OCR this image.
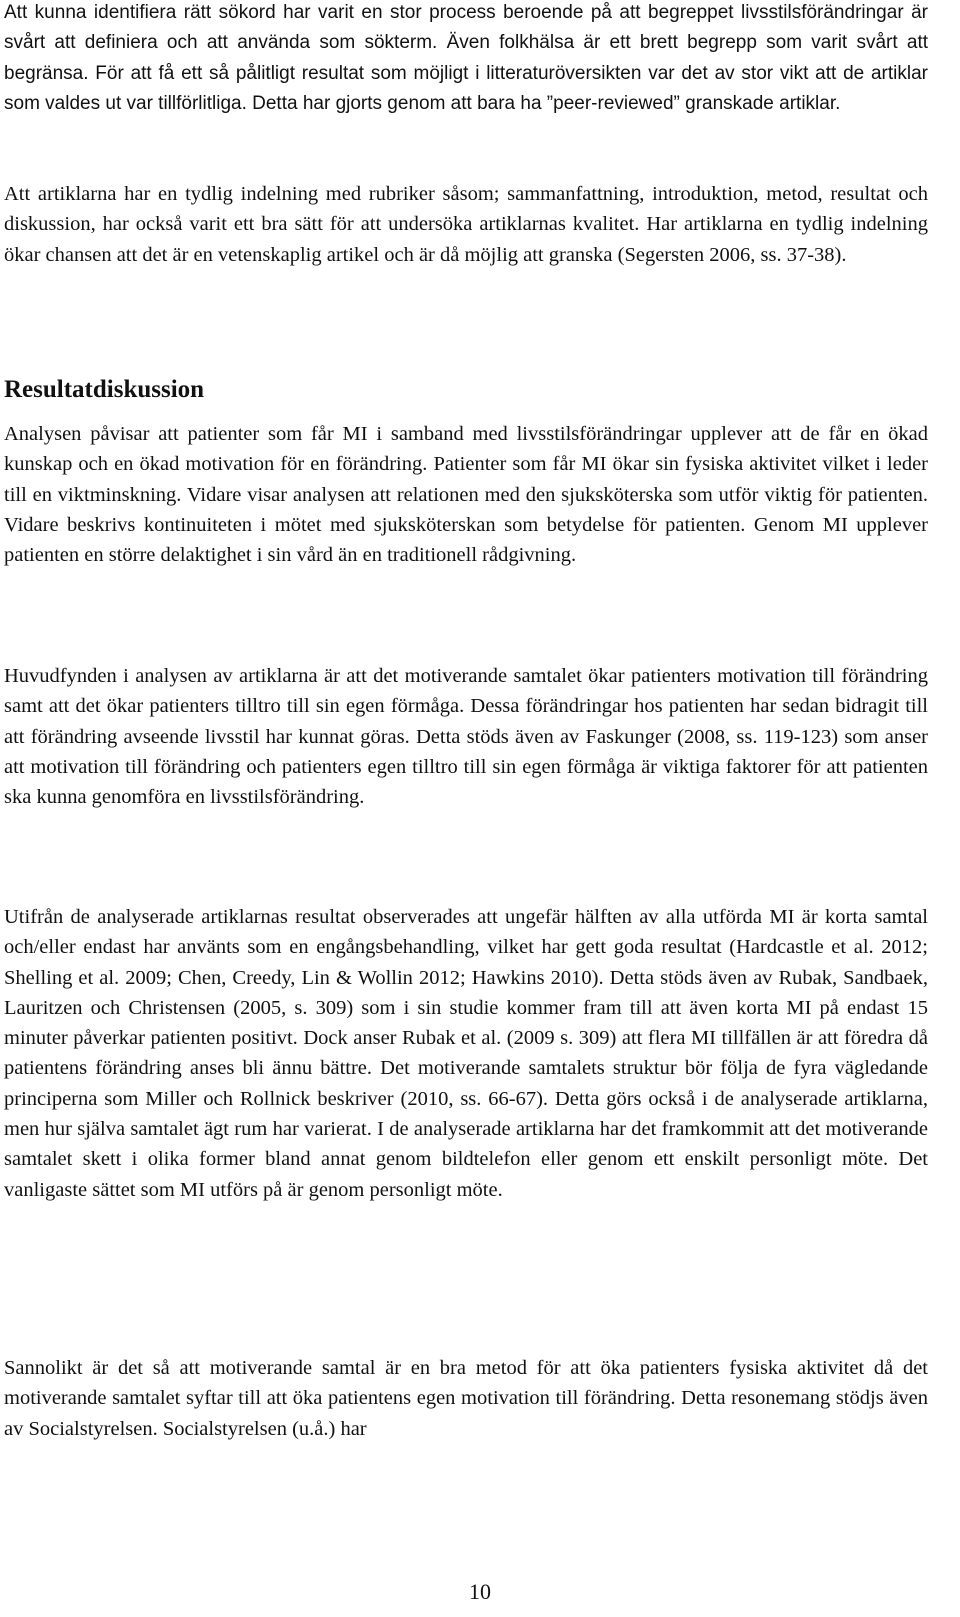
Att kunna identifiera rätt sökord har varit en stor process beroende på att begreppet livsstilsförändringar är svårt att definiera och att använda som sökterm. Även folkhälsa är ett brett begrepp som varit svårt att begränsa. För att få ett så pålitligt resultat som möjligt i litteraturöversikten var det av stor vikt att de artiklar som valdes ut var tillförlitliga. Detta har gjorts genom att bara ha ”peer-reviewed” granskade artiklar.

Att artiklarna har en tydlig indelning med rubriker såsom; sammanfattning, introduktion, metod, resultat och diskussion, har också varit ett bra sätt för att undersöka artiklarnas kvalitet. Har artiklarna en tydlig indelning ökar chansen att det är en vetenskaplig artikel och är då möjlig att granska (Segersten 2006, ss. 37-38).

Resultatdiskussion

Analysen påvisar att patienter som får MI i samband med livsstilsförändringar upplever att de får en ökad kunskap och en ökad motivation för en förändring. Patienter som får MI ökar sin fysiska aktivitet vilket i leder till en viktminskning. Vidare visar analysen att relationen med den sjuksköterska som utför viktig för patienten. Vidare beskrivs kontinuiteten i mötet med sjuksköterskan som betydelse för patienten. Genom MI upplever patienten en större delaktighet i sin vård än en traditionell rådgivning.

Huvudfynden i analysen av artiklarna är att det motiverande samtalet ökar patienters motivation till förändring samt att det ökar patienters tilltro till sin egen förmåga. Dessa förändringar hos patienten har sedan bidragit till att förändring avseende livsstil har kunnat göras. Detta stöds även av Faskunger (2008, ss. 119-123) som anser att motivation till förändring och patienters egen tilltro till sin egen förmåga är viktiga faktorer för att patienten ska kunna genomföra en livsstilsförändring.

Utifrån de analyserade artiklarnas resultat observerades att ungefär hälften av alla utförda MI är korta samtal och/eller endast har använts som en engångsbehandling, vilket har gett goda resultat (Hardcastle et al. 2012; Shelling et al. 2009; Chen, Creedy, Lin & Wollin 2012; Hawkins 2010). Detta stöds även av Rubak, Sandbaek, Lauritzen och Christensen (2005, s. 309) som i sin studie kommer fram till att även korta MI på endast 15 minuter påverkar patienten positivt. Dock anser Rubak et al. (2009 s. 309) att flera MI tillfällen är att föredra då patientens förändring anses bli ännu bättre. Det motiverande samtalets struktur bör följa de fyra vägledande principerna som Miller och Rollnick beskriver (2010, ss. 66-67). Detta görs också i de analyserade artiklarna, men hur själva samtalet ägt rum har varierat. I de analyserade artiklarna har det framkommit att det motiverande samtalet skett i olika former bland annat genom bildtelefon eller genom ett enskilt personligt möte. Det vanligaste sättet som MI utförs på är genom personligt möte.

Sannolikt är det så att motiverande samtal är en bra metod för att öka patienters fysiska aktivitet då det motiverande samtalet syftar till att öka patientens egen motivation till förändring. Detta resonemang stödjs även av Socialstyrelsen. Socialstyrelsen (u.å.) har

10
